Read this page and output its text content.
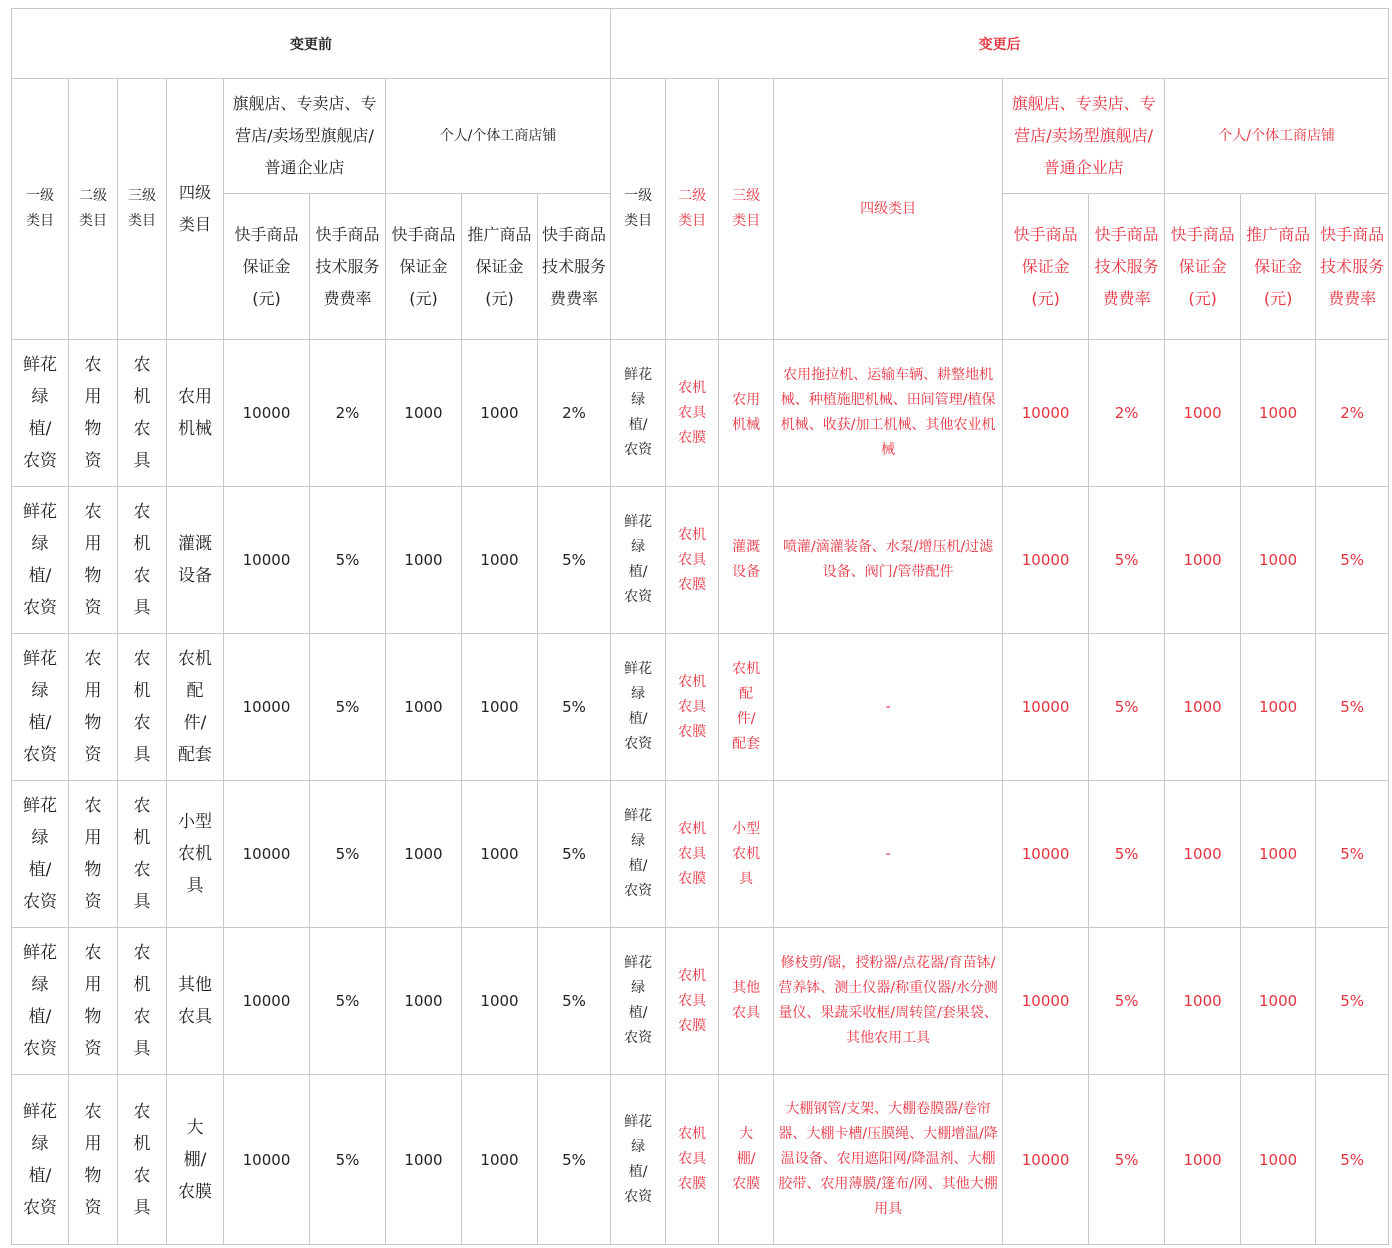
变更前									变更后								
一级类目	二级类目	三级类目	四级类目	旗舰店、专卖店、专营店/卖场型旗舰店/普通企业店		个人/个体工商店铺			一级类目	二级类目	三级类目	四级类目	旗舰店、专卖店、专营店/卖场型旗舰店/普通企业店		个人/个体工商店铺		
				快手商品保证金 (元)	快手商品技术服务费费率	快手商品保证金(元)	推广商品保证金(元)	快手商品技术服务费费率					快手商品保证金 (元)	快手商品技术服务费费率	快手商品保证金(元)	推广商品保证金(元)	快手商品技术服务费费率
鲜花绿植/农资	农用物资	农机农具	农用机械	10000	2%	1000	1000	2%	鲜花绿植/农资	农机农具农膜	农用机械	农用拖拉机、运输车辆、耕整地机械、种植施肥机械、田间管理/植保机械、收获/加工机械、其他农业机械	10000	2%	1000	1000	2%
鲜花绿植/农资	农用物资	农机农具	灌溉设备	10000	5%	1000	1000	5%	鲜花绿植/农资	农机农具农膜	灌溉设备	喷灌/滴灌装备、水泵/增压机/过滤设备、阀门/管带配件	10000	5%	1000	1000	5%
鲜花绿植/农资	农用物资	农机农具	农机配件/配套	10000	5%	1000	1000	5%	鲜花绿植/农资	农机农具农膜	农机配件/配套	-	10000	5%	1000	1000	5%
鲜花绿植/农资	农用物资	农机农具	小型农机具	10000	5%	1000	1000	5%	鲜花绿植/农资	农机农具农膜	小型农机具	-	10000	5%	1000	1000	5%
鲜花绿植/农资	农用物资	农机农具	其他农具	10000	5%	1000	1000	5%	鲜花绿植/农资	农机农具农膜	其他农具	修枝剪/锯，授粉器/点花器/育苗钵/营养钵、测土仪器/称重仪器/水分测量仪、果蔬采收框/周转筐/套果袋、其他农用工具	10000	5%	1000	1000	5%
鲜花绿植/农资	农用物资	农机农具	大棚/农膜	10000	5%	1000	1000	5%	鲜花绿植/农资	农机农具农膜	大棚/农膜	大棚钢管/支架、大棚卷膜器/卷帘器、大棚卡槽/压膜绳、大棚增温/降温设备、农用遮阳网/降温剂、大棚胶带、农用薄膜/篷布/网、其他大棚用具	10000	5%	1000	1000	5%
